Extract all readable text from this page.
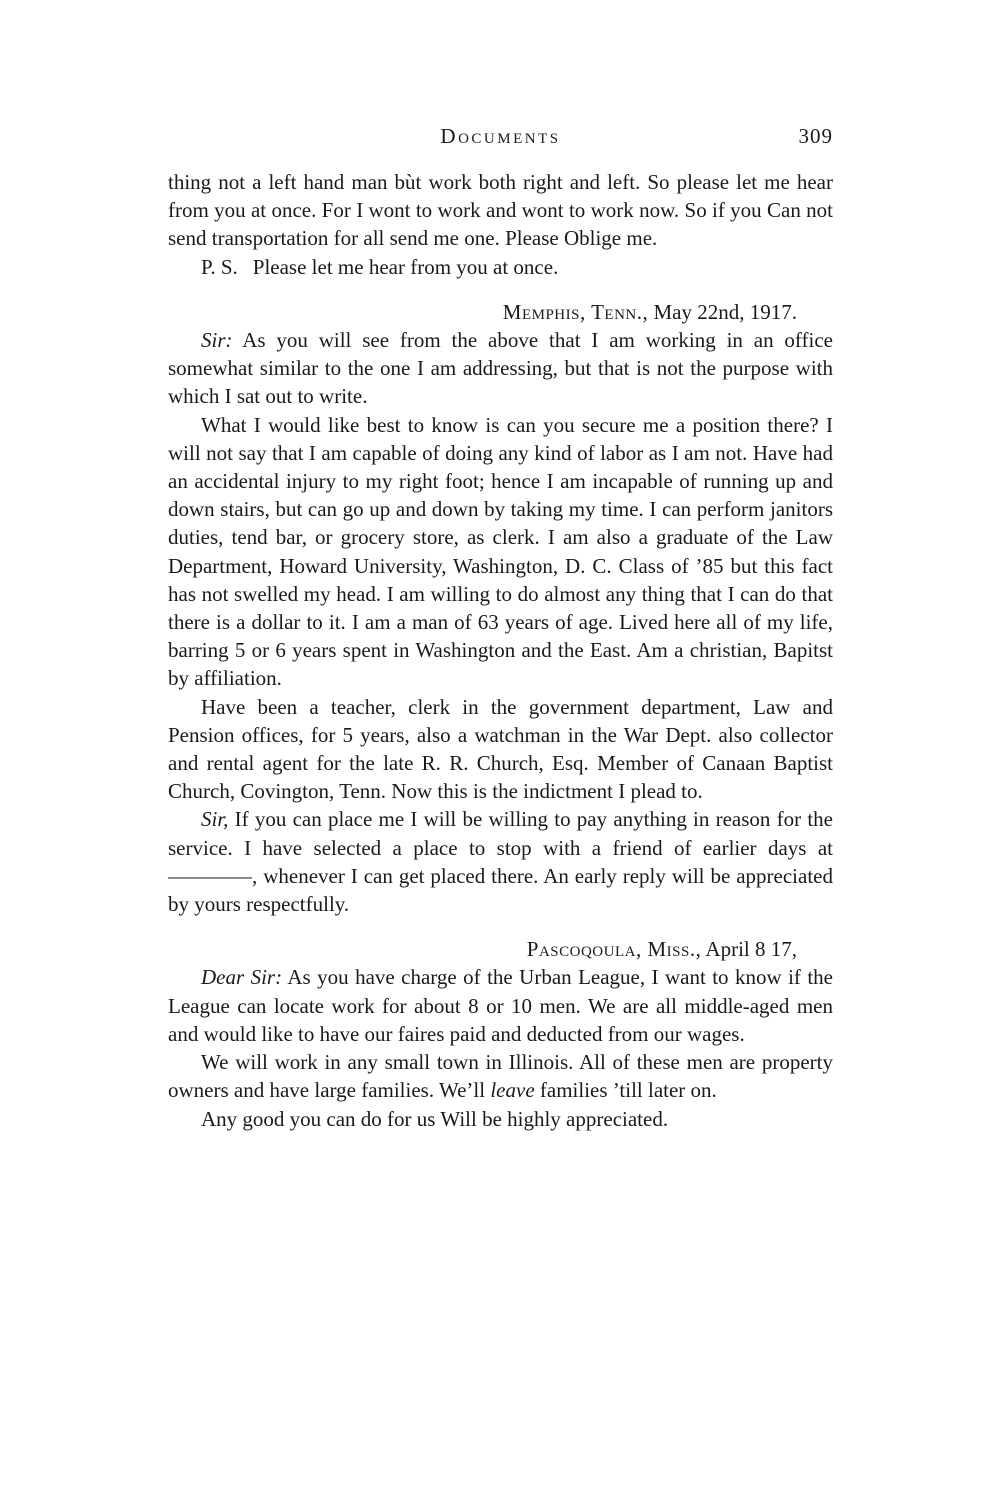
Documents	309

thing not a left hand man bùt work both right and left. So please let me hear from you at once. For I wont to work and wont to work now. So if you Can not send transportation for all send me one. Please Oblige me.

P. S. Please let me hear from you at once.

Memphis, Tenn., May 22nd, 1917.

Sir: As you will see from the above that I am working in an office somewhat similar to the one I am addressing, but that is not the purpose with which I sat out to write.

What I would like best to know is can you secure me a position there? I will not say that I am capable of doing any kind of labor as I am not. Have had an accidental injury to my right foot; hence I am incapable of running up and down stairs, but can go up and down by taking my time. I can perform janitors duties, tend bar, or grocery store, as clerk. I am also a graduate of the Law Department, Howard University, Washington, D. C. Class of ’85 but this fact has not swelled my head. I am willing to do almost any thing that I can do that there is a dollar to it. I am a man of 63 years of age. Lived here all of my life, barring 5 or 6 years spent in Washington and the East. Am a christian, Bapitst by affiliation.

Have been a teacher, clerk in the government department, Law and Pension offices, for 5 years, also a watchman in the War Dept. also collector and rental agent for the late R. R. Church, Esq. Member of Canaan Baptist Church, Covington, Tenn. Now this is the indictment I plead to.

Sir, If you can place me I will be willing to pay anything in reason for the service. I have selected a place to stop with a friend of earlier days at ————, whenever I can get placed there. An early reply will be appreciated by yours respectfully.

Pascoqoula, Miss., April 8 17,

Dear Sir: As you have charge of the Urban League, I want to know if the League can locate work for about 8 or 10 men. We are all middle-aged men and would like to have our faires paid and deducted from our wages.

We will work in any small town in Illinois. All of these men are property owners and have large families. We’ll leave families ’till later on.

Any good you can do for us Will be highly appreciated.
